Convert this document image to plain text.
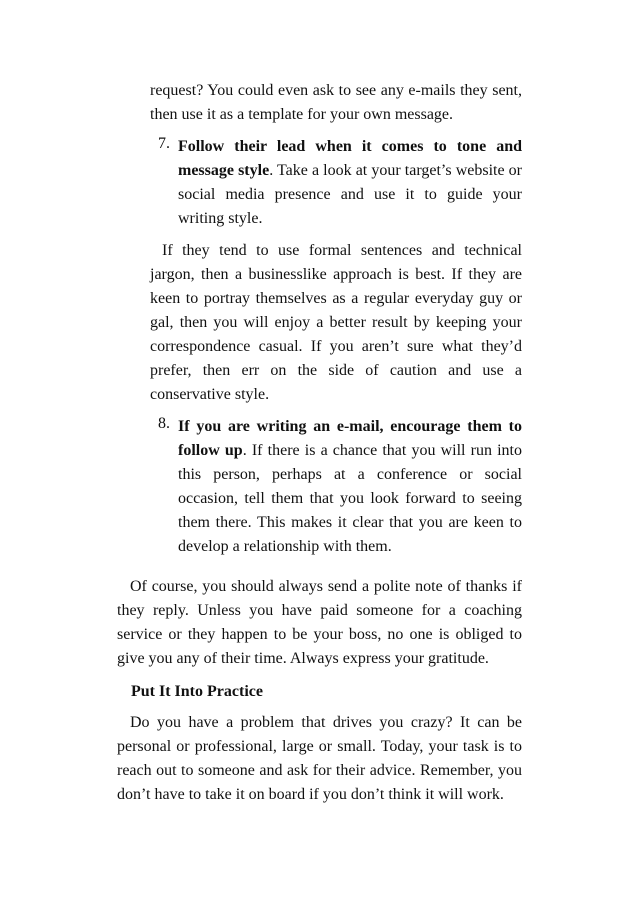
request? You could even ask to see any e-mails they sent, then use it as a template for your own message.

7. Follow their lead when it comes to tone and message style. Take a look at your target’s website or social media presence and use it to guide your writing style.

If they tend to use formal sentences and technical jargon, then a businesslike approach is best. If they are keen to portray themselves as a regular everyday guy or gal, then you will enjoy a better result by keeping your correspondence casual. If you aren’t sure what they’d prefer, then err on the side of caution and use a conservative style.

8. If you are writing an e-mail, encourage them to follow up. If there is a chance that you will run into this person, perhaps at a conference or social occasion, tell them that you look forward to seeing them there. This makes it clear that you are keen to develop a relationship with them.

Of course, you should always send a polite note of thanks if they reply. Unless you have paid someone for a coaching service or they happen to be your boss, no one is obliged to give you any of their time. Always express your gratitude.

Put It Into Practice

Do you have a problem that drives you crazy? It can be personal or professional, large or small. Today, your task is to reach out to someone and ask for their advice. Remember, you don’t have to take it on board if you don’t think it will work.
